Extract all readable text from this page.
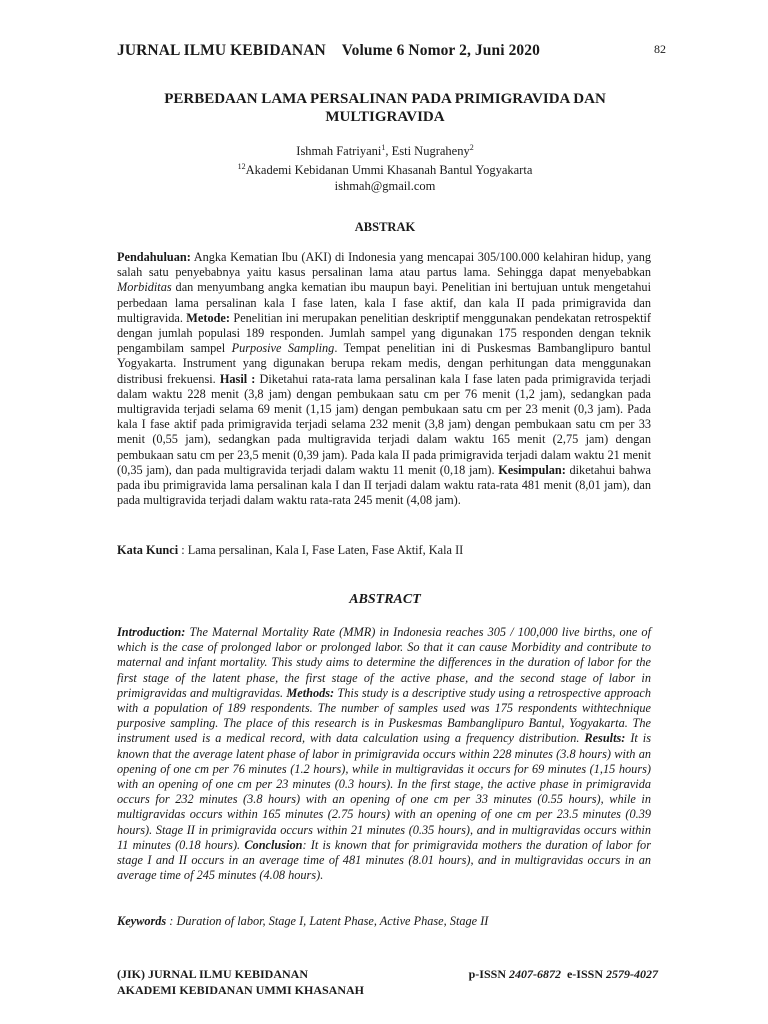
JURNAL ILMU KEBIDANAN Volume 6 Nomor 2, Juni 2020	82
PERBEDAAN LAMA PERSALINAN PADA PRIMIGRAVIDA DAN
MULTIGRAVIDA
Ishmah Fatriyani$^1$, Esti Nugraheny$^2$
$^{12}$Akademi Kebidanan Ummi Khasanah Bantul Yogyakarta
ishmah@gmail.com
ABSTRAK
Pendahuluan: Angka Kematian Ibu (AKI) di Indonesia yang mencapai 305/100.000 kelahiran hidup, yang salah satu penyebabnya yaitu kasus persalinan lama atau partus lama. Sehingga dapat menyebabkan Morbiditas dan menyumbang angka kematian ibu maupun bayi. Penelitian ini bertujuan untuk mengetahui perbedaan lama persalinan kala I fase laten, kala I fase aktif, dan kala II pada primigravida dan multigravida. Metode: Penelitian ini merupakan penelitian deskriptif menggunakan pendekatan retrospektif dengan jumlah populasi 189 responden. Jumlah sampel yang digunakan 175 responden dengan teknik pengambilam sampel Purposive Sampling. Tempat penelitian ini di Puskesmas Bambanglipuro bantul Yogyakarta. Instrument yang digunakan berupa rekam medis, dengan perhitungan data menggunakan distribusi frekuensi. Hasil : Diketahui rata-rata lama persalinan kala I fase laten pada primigravida terjadi dalam waktu 228 menit (3,8 jam) dengan pembukaan satu cm per 76 menit (1,2 jam), sedangkan pada multigravida terjadi selama 69 menit (1,15 jam) dengan pembukaan satu cm per 23 menit (0,3 jam). Pada kala I fase aktif pada primigravida terjadi selama 232 menit (3,8 jam) dengan pembukaan satu cm per 33 menit (0,55 jam), sedangkan pada multigravida terjadi dalam waktu 165 menit (2,75 jam) dengan pembukaan satu cm per 23,5 menit (0,39 jam). Pada kala II pada primigravida terjadi dalam waktu 21 menit (0,35 jam), dan pada multigravida terjadi dalam waktu 11 menit (0,18 jam). Kesimpulan: diketahui bahwa pada ibu primigravida lama persalinan kala I dan II terjadi dalam waktu rata-rata 481 menit (8,01 jam), dan pada multigravida terjadi dalam waktu rata-rata 245 menit (4,08 jam).
Kata Kunci : Lama persalinan, Kala I, Fase Laten, Fase Aktif, Kala II
ABSTRACT
Introduction: The Maternal Mortality Rate (MMR) in Indonesia reaches 305 / 100,000 live births, one of which is the case of prolonged labor or prolonged labor. So that it can cause Morbidity and contribute to maternal and infant mortality. This study aims to determine the differences in the duration of labor for the first stage of the latent phase, the first stage of the active phase, and the second stage of labor in primigravidas and multigravidas. Methods: This study is a descriptive study using a retrospective approach with a population of 189 respondents. The number of samples used was 175 respondents withtechnique purposive sampling. The place of this research is in Puskesmas Bambanglipuro Bantul, Yogyakarta. The instrument used is a medical record, with data calculation using a frequency distribution. Results: It is known that the average latent phase of labor in primigravida occurs within 228 minutes (3.8 hours) with an opening of one cm per 76 minutes (1.2 hours), while in multigravidas it occurs for 69 minutes (1,15 hours) with an opening of one cm per 23 minutes (0.3 hours). In the first stage, the active phase in primigravida occurs for 232 minutes (3.8 hours) with an opening of one cm per 33 minutes (0.55 hours), while in multigravidas occurs within 165 minutes (2.75 hours) with an opening of one cm per 23.5 minutes (0.39 hours). Stage II in primigravida occurs within 21 minutes (0.35 hours), and in multigravidas occurs within 11 minutes (0.18 hours). Conclusion: It is known that for primigravida mothers the duration of labor for stage I and II occurs in an average time of 481 minutes (8.01 hours), and in multigravidas occurs in an average time of 245 minutes (4.08 hours).
Keywords : Duration of labor, Stage I, Latent Phase, Active Phase, Stage II
(JIK) JURNAL ILMU KEBIDANAN
AKADEMI KEBIDANAN UMMI KHASANAH
p-ISSN 2407-6872  e-ISSN 2579-4027
